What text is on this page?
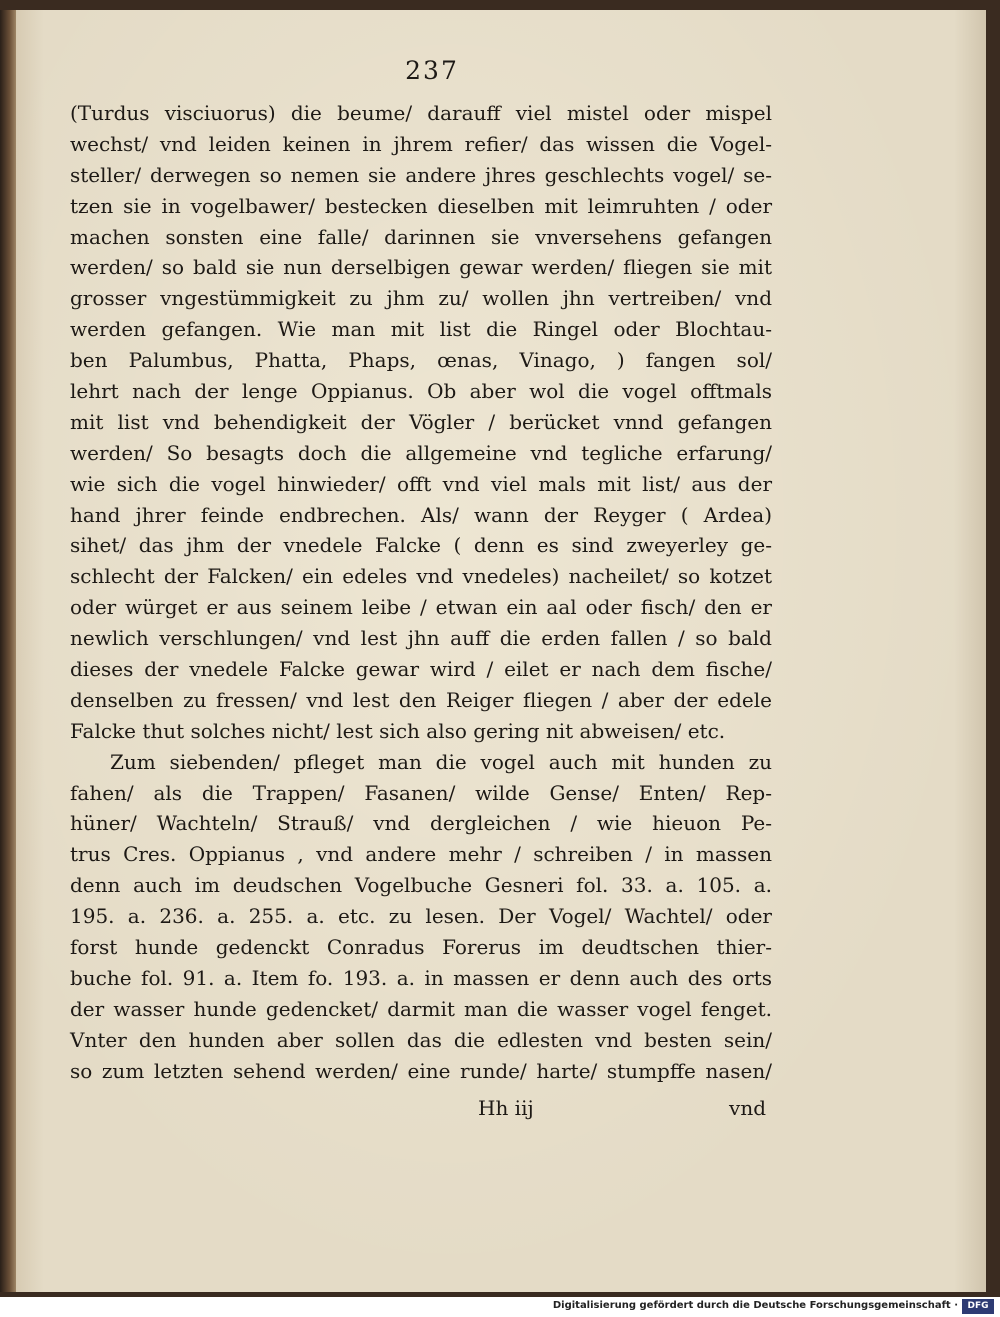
237
(Turdus visciuorus) die beume/ darauff viel mistel oder mispel
wechst/ vnd leiden keinen in jhrem refier/ das wissen die Vogel-
steller/ derwegen so nemen sie andere jhres geschlechts vogel/ se-
tzen sie in vogelbawer/ bestecken dieselben mit leimruhten / oder
machen sonsten eine falle/ darinnen sie vnversehens gefangen
werden/ so bald sie nun derselbigen gewar werden/ fliegen sie mit
grosser vngestümmigkeit zu jhm zu/ wollen jhn vertreiben/ vnd
werden gefangen. Wie man mit list die Ringel oder Blochtau-
ben Palumbus, Phatta, Phaps, œnas, Vinago, ) fangen sol/
lehrt nach der lenge Oppianus. Ob aber wol die vogel offtmals
mit list vnd behendigkeit der Vögler / berücket vnnd gefangen
werden/ So besagts doch die allgemeine vnd tegliche erfarung/
wie sich die vogel hinwieder/ offt vnd viel mals mit list/ aus der
hand jhrer feinde endbrechen. Als/ wann der Reyger ( Ardea)
sihet/ das jhm der vnedele Falcke ( denn es sind zweyerley ge-
schlecht der Falcken/ ein edeles vnd vnedeles) nacheilet/ so kotzet
oder würget er aus seinem leibe / etwan ein aal oder fisch/ den er
newlich verschlungen/ vnd lest jhn auff die erden fallen / so bald
dieses der vnedele Falcke gewar wird / eilet er nach dem fische/
denselben zu fressen/ vnd lest den Reiger fliegen / aber der edele
Falcke thut solches nicht/ lest sich also gering nit abweisen/ etc.
Zum siebenden/ pfleget man die vogel auch mit hunden zu
fahen/ als die Trappen/ Fasanen/ wilde Gense/ Enten/ Rep-
hüner/ Wachteln/ Strauß/ vnd dergleichen / wie hieuon Pe-
trus Cres. Oppianus , vnd andere mehr / schreiben / in massen
denn auch im deudschen Vogelbuche Gesneri fol. 33. a. 105. a.
195. a. 236. a. 255. a. etc. zu lesen. Der Vogel/ Wachtel/ oder
forst hunde gedenckt Conradus Forerus im deudtschen thier-
buche fol. 91. a. Item fo. 193. a. in massen er denn auch des orts
der wasser hunde gedencket/ darmit man die wasser vogel fenget.
Vnter den hunden aber sollen das die edlesten vnd besten sein/
so zum letzten sehend werden/ eine runde/ harte/ stumpffe nasen/
Hh iij	vnd
Digitalisierung gefördert durch die Deutsche Forschungsgemeinschaft ·	DFG
